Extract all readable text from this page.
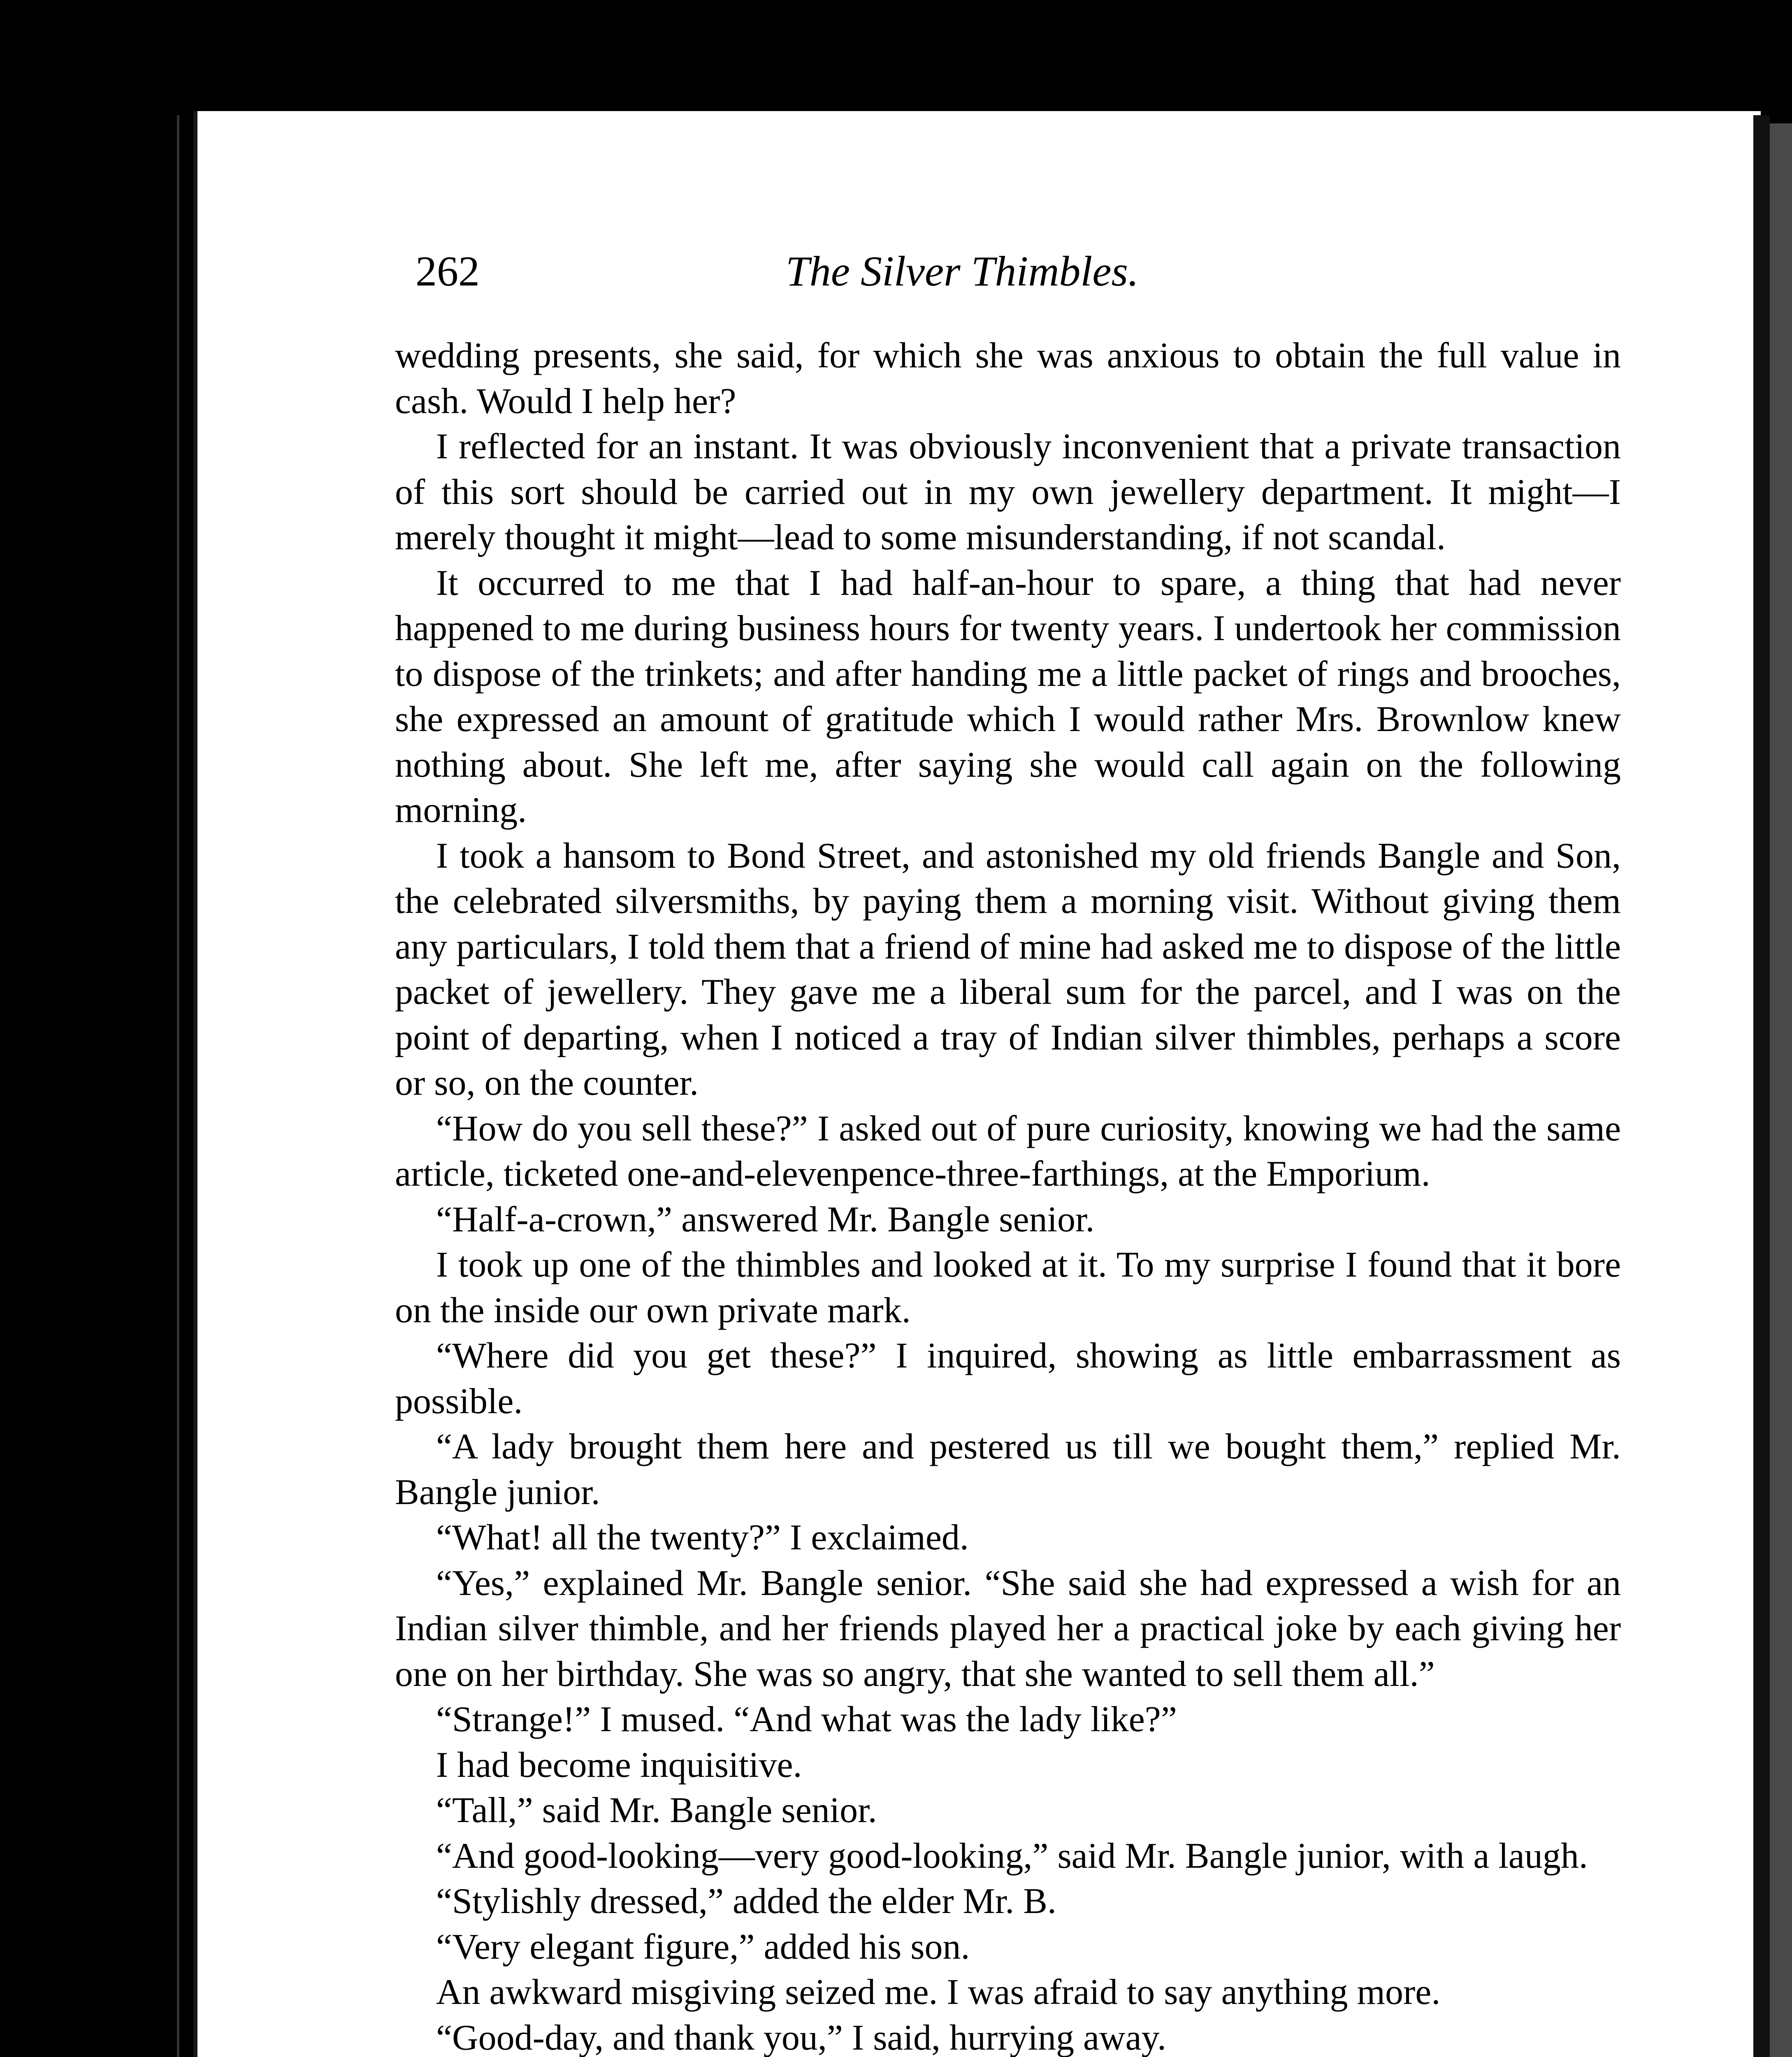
262	The Silver Thimbles.

wedding presents, she said, for which she was anxious to obtain the full value in cash. Would I help her?

I reflected for an instant. It was obviously inconvenient that a private transaction of this sort should be carried out in my own jewellery department. It might—I merely thought it might—lead to some misunderstanding, if not scandal.

It occurred to me that I had half-an-hour to spare, a thing that had never happened to me during business hours for twenty years. I undertook her commission to dispose of the trinkets; and after handing me a little packet of rings and brooches, she expressed an amount of gratitude which I would rather Mrs. Brownlow knew nothing about. She left me, after saying she would call again on the following morning.

I took a hansom to Bond Street, and astonished my old friends Bangle and Son, the celebrated silversmiths, by paying them a morning visit. Without giving them any particulars, I told them that a friend of mine had asked me to dispose of the little packet of jewellery. They gave me a liberal sum for the parcel, and I was on the point of departing, when I noticed a tray of Indian silver thimbles, perhaps a score or so, on the counter.

“How do you sell these?” I asked out of pure curiosity, knowing we had the same article, ticketed one-and-elevenpence-three-farthings, at the Emporium.

“Half-a-crown,” answered Mr. Bangle senior.

I took up one of the thimbles and looked at it. To my surprise I found that it bore on the inside our own private mark.

“Where did you get these?” I inquired, showing as little embarrassment as possible.

“A lady brought them here and pestered us till we bought them,” replied Mr. Bangle junior.

“What! all the twenty?” I exclaimed.

“Yes,” explained Mr. Bangle senior. “She said she had expressed a wish for an Indian silver thimble, and her friends played her a practical joke by each giving her one on her birthday. She was so angry, that she wanted to sell them all.”

“Strange!” I mused. “And what was the lady like?”

I had become inquisitive.

“Tall,” said Mr. Bangle senior.

“And good-looking—very good-looking,” said Mr. Bangle junior, with a laugh.

“Stylishly dressed,” added the elder Mr. B.

“Very elegant figure,” added his son.

An awkward misgiving seized me. I was afraid to say anything more.

“Good-day, and thank you,” I said, hurrying away.
